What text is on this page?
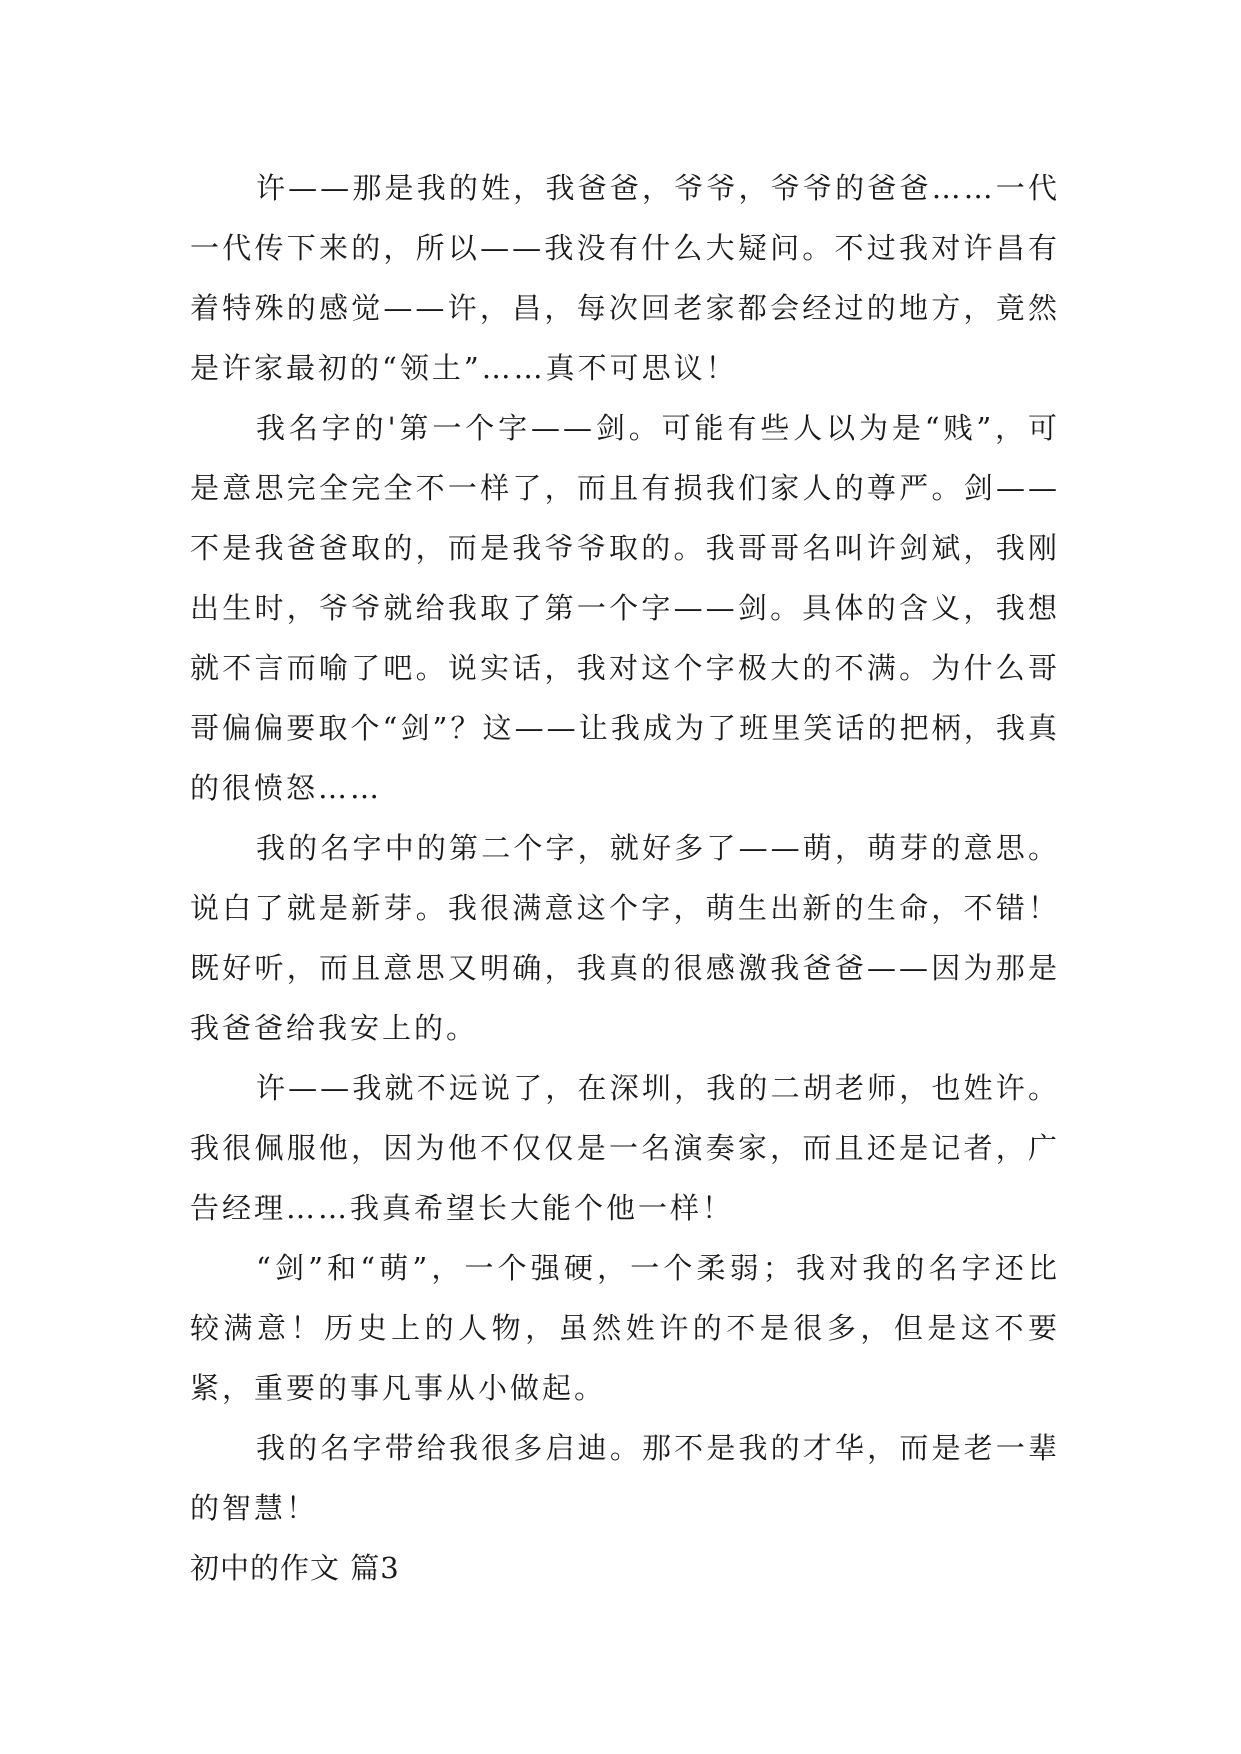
许——那是我的姓，我爸爸，爷爷，爷爷的爸爸……一代一代传下来的，所以——我没有什么大疑问。不过我对许昌有着特殊的感觉——许，昌，每次回老家都会经过的地方，竟然是许家最初的“领土”……真不可思议！

我名字的'第一个字——剑。可能有些人以为是“贱”，可是意思完全完全不一样了，而且有损我们家人的尊严。剑——不是我爸爸取的，而是我爷爷取的。我哥哥名叫许剑斌，我刚出生时，爷爷就给我取了第一个字——剑。具体的含义，我想就不言而喻了吧。说实话，我对这个字极大的不满。为什么哥哥偏偏要取个“剑”？这——让我成为了班里笑话的把柄，我真的很愤怒……

我的名字中的第二个字，就好多了——萌，萌芽的意思。说白了就是新芽。我很满意这个字，萌生出新的生命，不错！既好听，而且意思又明确，我真的很感激我爸爸——因为那是我爸爸给我安上的。

许——我就不远说了，在深圳，我的二胡老师，也姓许。我很佩服他，因为他不仅仅是一名演奏家，而且还是记者，广告经理……我真希望长大能个他一样！

“剑”和“萌”，一个强硬，一个柔弱；我对我的名字还比较满意！历史上的人物，虽然姓许的不是很多，但是这不要紧，重要的事凡事从小做起。

我的名字带给我很多启迪。那不是我的才华，而是老一辈的智慧！

初中的作文 篇3
